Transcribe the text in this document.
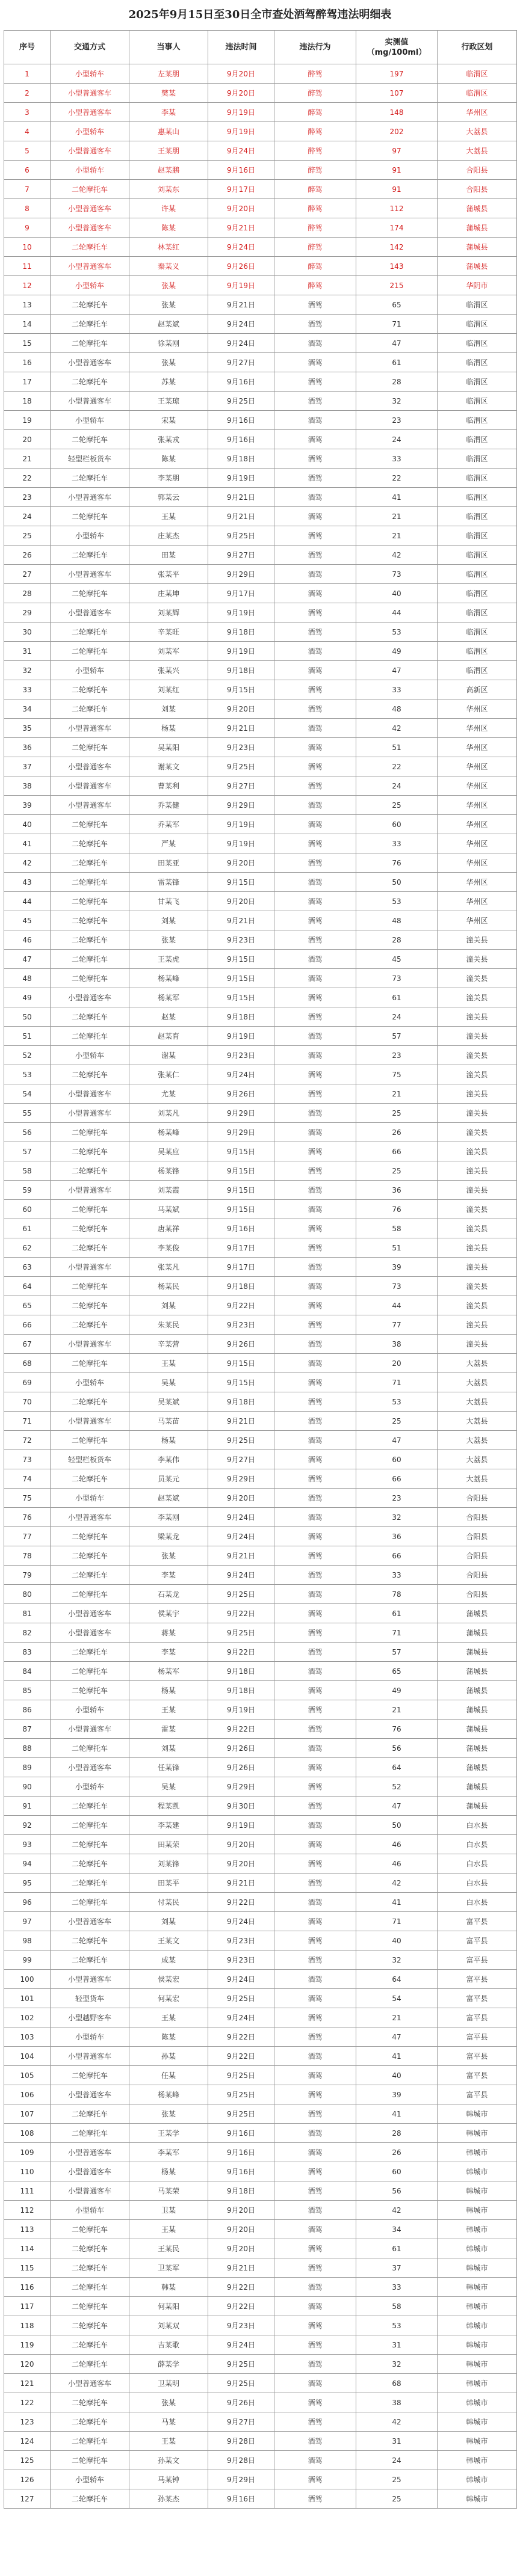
2025年9月15日至30日全市查处酒驾醉驾违法明细表
序号	交通方式	当事人	违法时间	违法行为	实测值（mg/100ml）	行政区划
1	小型轿车	左某朋	9月20日	醉驾	197	临渭区
2	小型普通客车	樊某	9月20日	醉驾	107	临渭区
3	小型普通客车	李某	9月19日	醉驾	148	华州区
4	小型轿车	惠某山	9月19日	醉驾	202	大荔县
5	小型普通客车	王某朋	9月24日	醉驾	97	大荔县
6	小型轿车	赵某鹏	9月16日	醉驾	91	合阳县
7	二轮摩托车	刘某东	9月17日	醉驾	91	合阳县
8	小型普通客车	许某	9月20日	醉驾	112	蒲城县
9	小型普通客车	陈某	9月21日	醉驾	174	蒲城县
10	二轮摩托车	林某红	9月24日	醉驾	142	蒲城县
11	小型普通客车	秦某义	9月26日	醉驾	143	蒲城县
12	小型轿车	张某	9月19日	醉驾	215	华阴市
13	二轮摩托车	张某	9月21日	酒驾	65	临渭区
14	二轮摩托车	赵某斌	9月24日	酒驾	71	临渭区
15	二轮摩托车	徐某刚	9月24日	酒驾	47	临渭区
16	小型普通客车	张某	9月27日	酒驾	61	临渭区
17	二轮摩托车	苏某	9月16日	酒驾	28	临渭区
18	小型普通客车	王某琼	9月25日	酒驾	32	临渭区
19	小型轿车	宋某	9月16日	酒驾	23	临渭区
20	二轮摩托车	张某戎	9月16日	酒驾	24	临渭区
21	轻型栏板货车	陈某	9月18日	酒驾	33	临渭区
22	二轮摩托车	李某朋	9月19日	酒驾	22	临渭区
23	小型普通客车	郭某云	9月21日	酒驾	41	临渭区
24	二轮摩托车	王某	9月21日	酒驾	21	临渭区
25	小型轿车	庄某杰	9月25日	酒驾	21	临渭区
26	二轮摩托车	田某	9月27日	酒驾	42	临渭区
27	小型普通客车	张某平	9月29日	酒驾	73	临渭区
28	二轮摩托车	庄某坤	9月17日	酒驾	40	临渭区
29	小型普通客车	刘某辉	9月19日	酒驾	44	临渭区
30	二轮摩托车	辛某旺	9月18日	酒驾	53	临渭区
31	二轮摩托车	刘某军	9月19日	酒驾	49	临渭区
32	小型轿车	张某兴	9月18日	酒驾	47	临渭区
33	二轮摩托车	刘某红	9月15日	酒驾	33	高新区
34	二轮摩托车	刘某	9月20日	酒驾	48	华州区
35	小型普通客车	杨某	9月21日	酒驾	42	华州区
36	二轮摩托车	吴某阳	9月23日	酒驾	51	华州区
37	小型普通客车	谢某文	9月25日	酒驾	22	华州区
38	小型普通客车	曹某利	9月27日	酒驾	24	华州区
39	小型普通客车	乔某健	9月29日	酒驾	25	华州区
40	二轮摩托车	乔某军	9月19日	酒驾	60	华州区
41	二轮摩托车	严某	9月19日	酒驾	33	华州区
42	二轮摩托车	田某亚	9月20日	酒驾	76	华州区
43	二轮摩托车	雷某锋	9月15日	酒驾	50	华州区
44	二轮摩托车	甘某飞	9月20日	酒驾	53	华州区
45	二轮摩托车	刘某	9月21日	酒驾	48	华州区
46	二轮摩托车	张某	9月23日	酒驾	28	潼关县
47	二轮摩托车	王某虎	9月15日	酒驾	45	潼关县
48	二轮摩托车	杨某峰	9月15日	酒驾	73	潼关县
49	小型普通客车	杨某军	9月15日	酒驾	61	潼关县
50	二轮摩托车	赵某	9月18日	酒驾	24	潼关县
51	二轮摩托车	赵某育	9月19日	酒驾	57	潼关县
52	小型轿车	谢某	9月23日	酒驾	23	潼关县
53	二轮摩托车	张某仁	9月24日	酒驾	75	潼关县
54	小型普通客车	尤某	9月26日	酒驾	21	潼关县
55	小型普通客车	刘某凡	9月29日	酒驾	25	潼关县
56	二轮摩托车	杨某峰	9月29日	酒驾	26	潼关县
57	二轮摩托车	吴某应	9月15日	酒驾	66	潼关县
58	二轮摩托车	杨某锋	9月15日	酒驾	25	潼关县
59	小型普通客车	刘某霞	9月15日	酒驾	36	潼关县
60	二轮摩托车	马某斌	9月15日	酒驾	76	潼关县
61	二轮摩托车	唐某祥	9月16日	酒驾	58	潼关县
62	二轮摩托车	李某俊	9月17日	酒驾	51	潼关县
63	小型普通客车	张某凡	9月17日	酒驾	39	潼关县
64	二轮摩托车	杨某民	9月18日	酒驾	73	潼关县
65	二轮摩托车	刘某	9月22日	酒驾	44	潼关县
66	二轮摩托车	朱某民	9月23日	酒驾	77	潼关县
67	小型普通客车	辛某营	9月26日	酒驾	38	潼关县
68	二轮摩托车	王某	9月15日	酒驾	20	大荔县
69	小型轿车	吴某	9月15日	酒驾	71	大荔县
70	二轮摩托车	吴某斌	9月18日	酒驾	53	大荔县
71	小型普通客车	马某苗	9月21日	酒驾	25	大荔县
72	二轮摩托车	杨某	9月25日	酒驾	47	大荔县
73	轻型栏板货车	李某伟	9月27日	酒驾	60	大荔县
74	二轮摩托车	员某元	9月29日	酒驾	66	大荔县
75	小型轿车	赵某斌	9月20日	酒驾	23	合阳县
76	小型普通客车	李某刚	9月24日	酒驾	32	合阳县
77	二轮摩托车	梁某龙	9月24日	酒驾	36	合阳县
78	二轮摩托车	张某	9月21日	酒驾	66	合阳县
79	二轮摩托车	李某	9月24日	酒驾	33	合阳县
80	二轮摩托车	石某龙	9月25日	酒驾	78	合阳县
81	小型普通客车	侯某宇	9月22日	酒驾	61	蒲城县
82	小型普通客车	蒋某	9月25日	酒驾	71	蒲城县
83	二轮摩托车	李某	9月22日	酒驾	57	蒲城县
84	二轮摩托车	杨某军	9月18日	酒驾	65	蒲城县
85	二轮摩托车	杨某	9月18日	酒驾	49	蒲城县
86	小型轿车	王某	9月19日	酒驾	21	蒲城县
87	小型普通客车	雷某	9月22日	酒驾	76	蒲城县
88	二轮摩托车	刘某	9月26日	酒驾	56	蒲城县
89	小型普通客车	任某锋	9月26日	酒驾	64	蒲城县
90	小型轿车	吴某	9月29日	酒驾	52	蒲城县
91	二轮摩托车	程某凯	9月30日	酒驾	47	蒲城县
92	二轮摩托车	李某建	9月19日	酒驾	50	白水县
93	二轮摩托车	田某荣	9月20日	酒驾	46	白水县
94	二轮摩托车	刘某锋	9月20日	酒驾	46	白水县
95	二轮摩托车	田某平	9月21日	酒驾	42	白水县
96	二轮摩托车	付某民	9月22日	酒驾	41	白水县
97	小型普通客车	刘某	9月24日	酒驾	71	富平县
98	二轮摩托车	王某文	9月23日	酒驾	40	富平县
99	二轮摩托车	成某	9月23日	酒驾	32	富平县
100	小型普通客车	侯某宏	9月24日	酒驾	64	富平县
101	轻型货车	何某宏	9月25日	酒驾	54	富平县
102	小型越野客车	王某	9月24日	酒驾	21	富平县
103	小型轿车	陈某	9月22日	酒驾	47	富平县
104	小型普通客车	孙某	9月22日	酒驾	41	富平县
105	二轮摩托车	任某	9月25日	酒驾	40	富平县
106	小型普通客车	杨某峰	9月25日	酒驾	39	富平县
107	二轮摩托车	张某	9月25日	酒驾	41	韩城市
108	二轮摩托车	王某学	9月16日	酒驾	28	韩城市
109	小型普通客车	李某军	9月16日	酒驾	26	韩城市
110	小型普通客车	杨某	9月16日	酒驾	60	韩城市
111	小型普通客车	马某荣	9月18日	酒驾	56	韩城市
112	小型轿车	卫某	9月20日	酒驾	42	韩城市
113	二轮摩托车	王某	9月20日	酒驾	34	韩城市
114	二轮摩托车	王某民	9月20日	酒驾	61	韩城市
115	二轮摩托车	卫某军	9月21日	酒驾	37	韩城市
116	二轮摩托车	韩某	9月22日	酒驾	33	韩城市
117	二轮摩托车	何某阳	9月22日	酒驾	58	韩城市
118	二轮摩托车	刘某双	9月23日	酒驾	53	韩城市
119	二轮摩托车	吉某歌	9月24日	酒驾	31	韩城市
120	二轮摩托车	薛某学	9月25日	酒驾	32	韩城市
121	小型普通客车	卫某明	9月25日	酒驾	68	韩城市
122	二轮摩托车	张某	9月26日	酒驾	38	韩城市
123	二轮摩托车	马某	9月27日	酒驾	42	韩城市
124	二轮摩托车	王某	9月28日	酒驾	31	韩城市
125	二轮摩托车	孙某文	9月28日	酒驾	24	韩城市
126	小型轿车	马某钟	9月29日	酒驾	25	韩城市
127	二轮摩托车	孙某杰	9月16日	酒驾	25	韩城市
